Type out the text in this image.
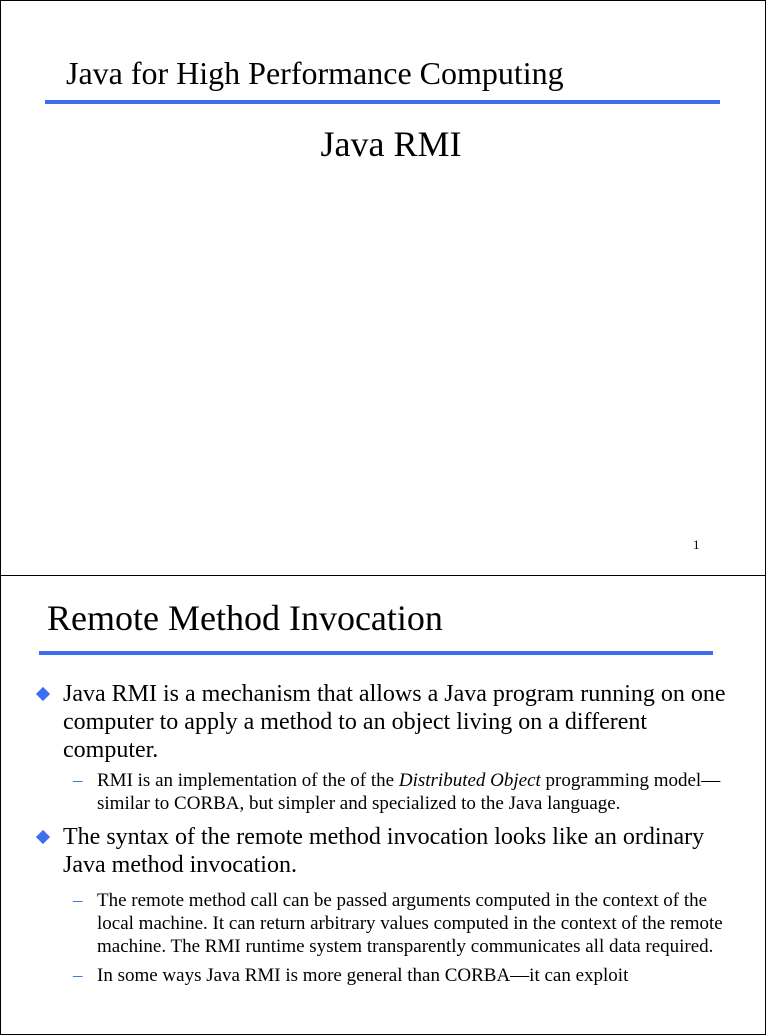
Java for High Performance Computing
Java RMI
1
Remote Method Invocation
Java RMI is a mechanism that allows a Java program running on one computer to apply a method to an object living on a different computer.
– RMI is an implementation of the of the Distributed Object programming model—similar to CORBA, but simpler and specialized to the Java language.
The syntax of the remote method invocation looks like an ordinary Java method invocation.
– The remote method call can be passed arguments computed in the context of the local machine. It can return arbitrary values computed in the context of the remote machine. The RMI runtime system transparently communicates all data required.
– In some ways Java RMI is more general than CORBA—it can exploit
